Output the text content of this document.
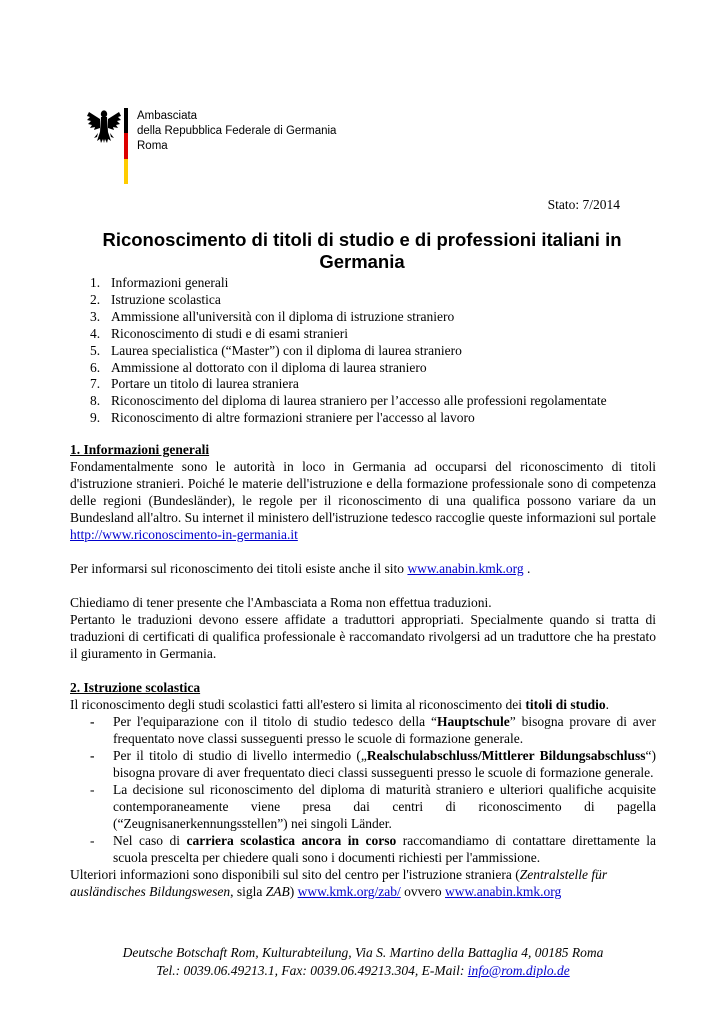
Ambasciata
della Repubblica Federale di Germania
Roma
Stato: 7/2014
Riconoscimento di titoli di studio e di professioni italiani in
Germania
1. Informazioni generali
2. Istruzione scolastica
3. Ammissione all'università con il diploma di istruzione straniero
4. Riconoscimento di studi e di esami stranieri
5. Laurea specialistica (“Master”) con il diploma di laurea straniero
6. Ammissione al dottorato con il diploma di laurea straniero
7. Portare un titolo di laurea straniera
8. Riconoscimento del diploma di laurea straniero per l’accesso alle professioni regolamentate
9. Riconoscimento di altre formazioni straniere per l'accesso al lavoro
1. Informazioni generali
Fondamentalmente sono le autorità in loco in Germania ad occuparsi del riconoscimento di titoli d'istruzione stranieri. Poiché le materie dell'istruzione e della formazione professionale sono di competenza delle regioni (Bundesländer), le regole per il riconoscimento di una qualifica possono variare da un Bundesland all'altro. Su internet il ministero dell'istruzione tedesco raccoglie queste informazioni sul portale http://www.riconoscimento-in-germania.it
Per informarsi sul riconoscimento dei titoli esiste anche il sito www.anabin.kmk.org .
Chiediamo di tener presente che l'Ambasciata a Roma non effettua traduzioni.
Pertanto le traduzioni devono essere affidate a traduttori appropriati. Specialmente quando si tratta di traduzioni di certificati di qualifica professionale è raccomandato rivolgersi ad un traduttore che ha prestato il giuramento in Germania.
2. Istruzione scolastica
Il riconoscimento degli studi scolastici fatti all'estero si limita al riconoscimento dei titoli di studio.
- Per l'equiparazione con il titolo di studio tedesco della “Hauptschule” bisogna provare di aver frequentato nove classi susseguenti presso le scuole di formazione generale.
- Per il titolo di studio di livello intermedio („Realschulabschluss/Mittlerer Bildungsabschluss“) bisogna provare di aver frequentato dieci classi susseguenti presso le scuole di formazione generale.
- La decisione sul riconoscimento del diploma di maturità straniero e ulteriori qualifiche acquisite contemporaneamente viene presa dai centri di riconoscimento di pagella (“Zeugnisanerkennungsstellen”) nei singoli Länder.
- Nel caso di carriera scolastica ancora in corso raccomandiamo di contattare direttamente la scuola prescelta per chiedere quali sono i documenti richiesti per l'ammissione.
Ulteriori informazioni sono disponibili sul sito del centro per l'istruzione straniera (Zentralstelle für ausländisches Bildungswesen, sigla ZAB) www.kmk.org/zab/ ovvero www.anabin.kmk.org
Deutsche Botschaft Rom, Kulturabteilung, Via S. Martino della Battaglia 4, 00185 Roma
Tel.: 0039.06.49213.1, Fax: 0039.06.49213.304, E-Mail: info@rom.diplo.de
